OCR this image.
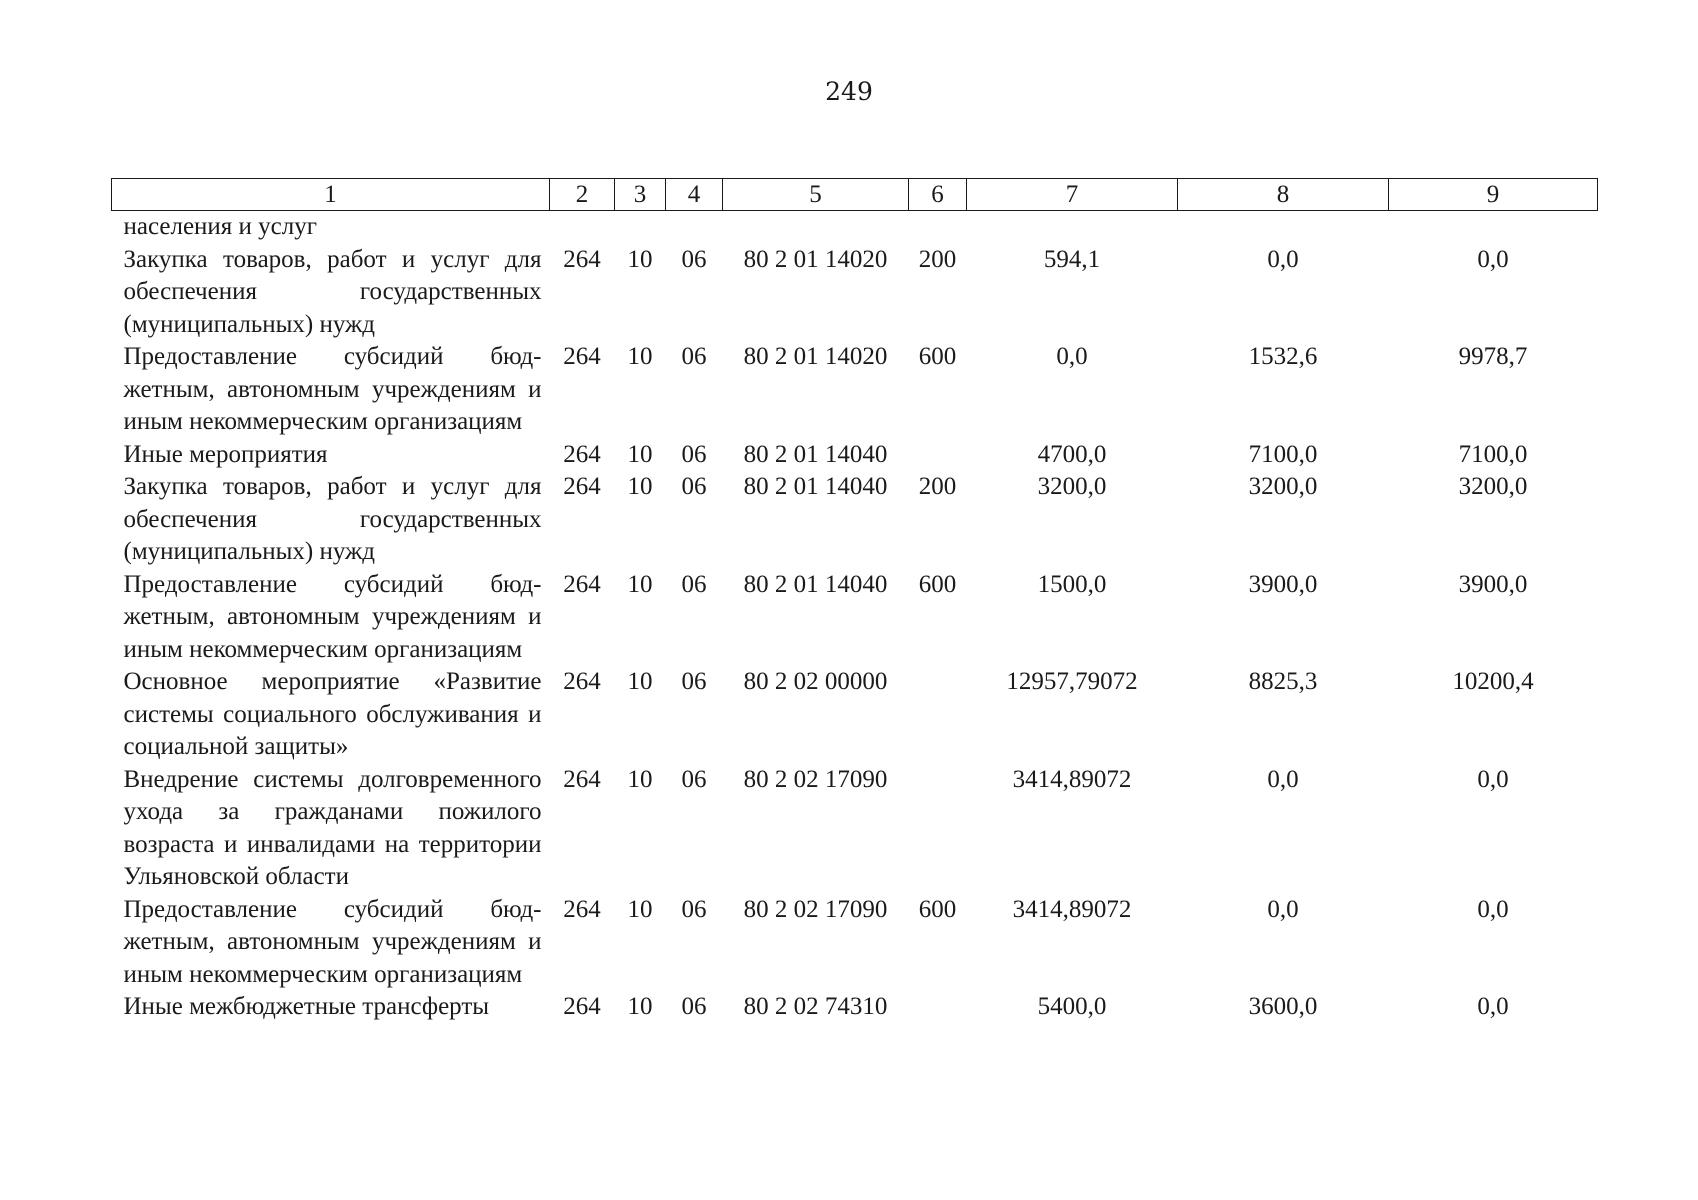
249
1	2	3	4	5	6	7	8	9
населения и услуг								
Закупка товаров, работ и услуг для обеспечения государственных (муниципальных) нужд	264	10	06	80 2 01 14020	200	594,1	0,0	0,0
Предоставление субсидий бюджетным, автономным учреждениям и иным некоммерческим организациям	264	10	06	80 2 01 14020	600	0,0	1532,6	9978,7
Иные мероприятия	264	10	06	80 2 01 14040		4700,0	7100,0	7100,0
Закупка товаров, работ и услуг для обеспечения государственных (муниципальных) нужд	264	10	06	80 2 01 14040	200	3200,0	3200,0	3200,0
Предоставление субсидий бюджетным, автономным учреждениям и иным некоммерческим организациям	264	10	06	80 2 01 14040	600	1500,0	3900,0	3900,0
Основное мероприятие «Развитие системы социального обслуживания и социальной защиты»	264	10	06	80 2 02 00000		12957,79072	8825,3	10200,4
Внедрение системы долговременного ухода за гражданами пожилого возраста и инвалидами на территории Ульяновской области	264	10	06	80 2 02 17090		3414,89072	0,0	0,0
Предоставление субсидий бюджетным, автономным учреждениям и иным некоммерческим организациям	264	10	06	80 2 02 17090	600	3414,89072	0,0	0,0
Иные межбюджетные трансферты	264	10	06	80 2 02 74310		5400,0	3600,0	0,0
